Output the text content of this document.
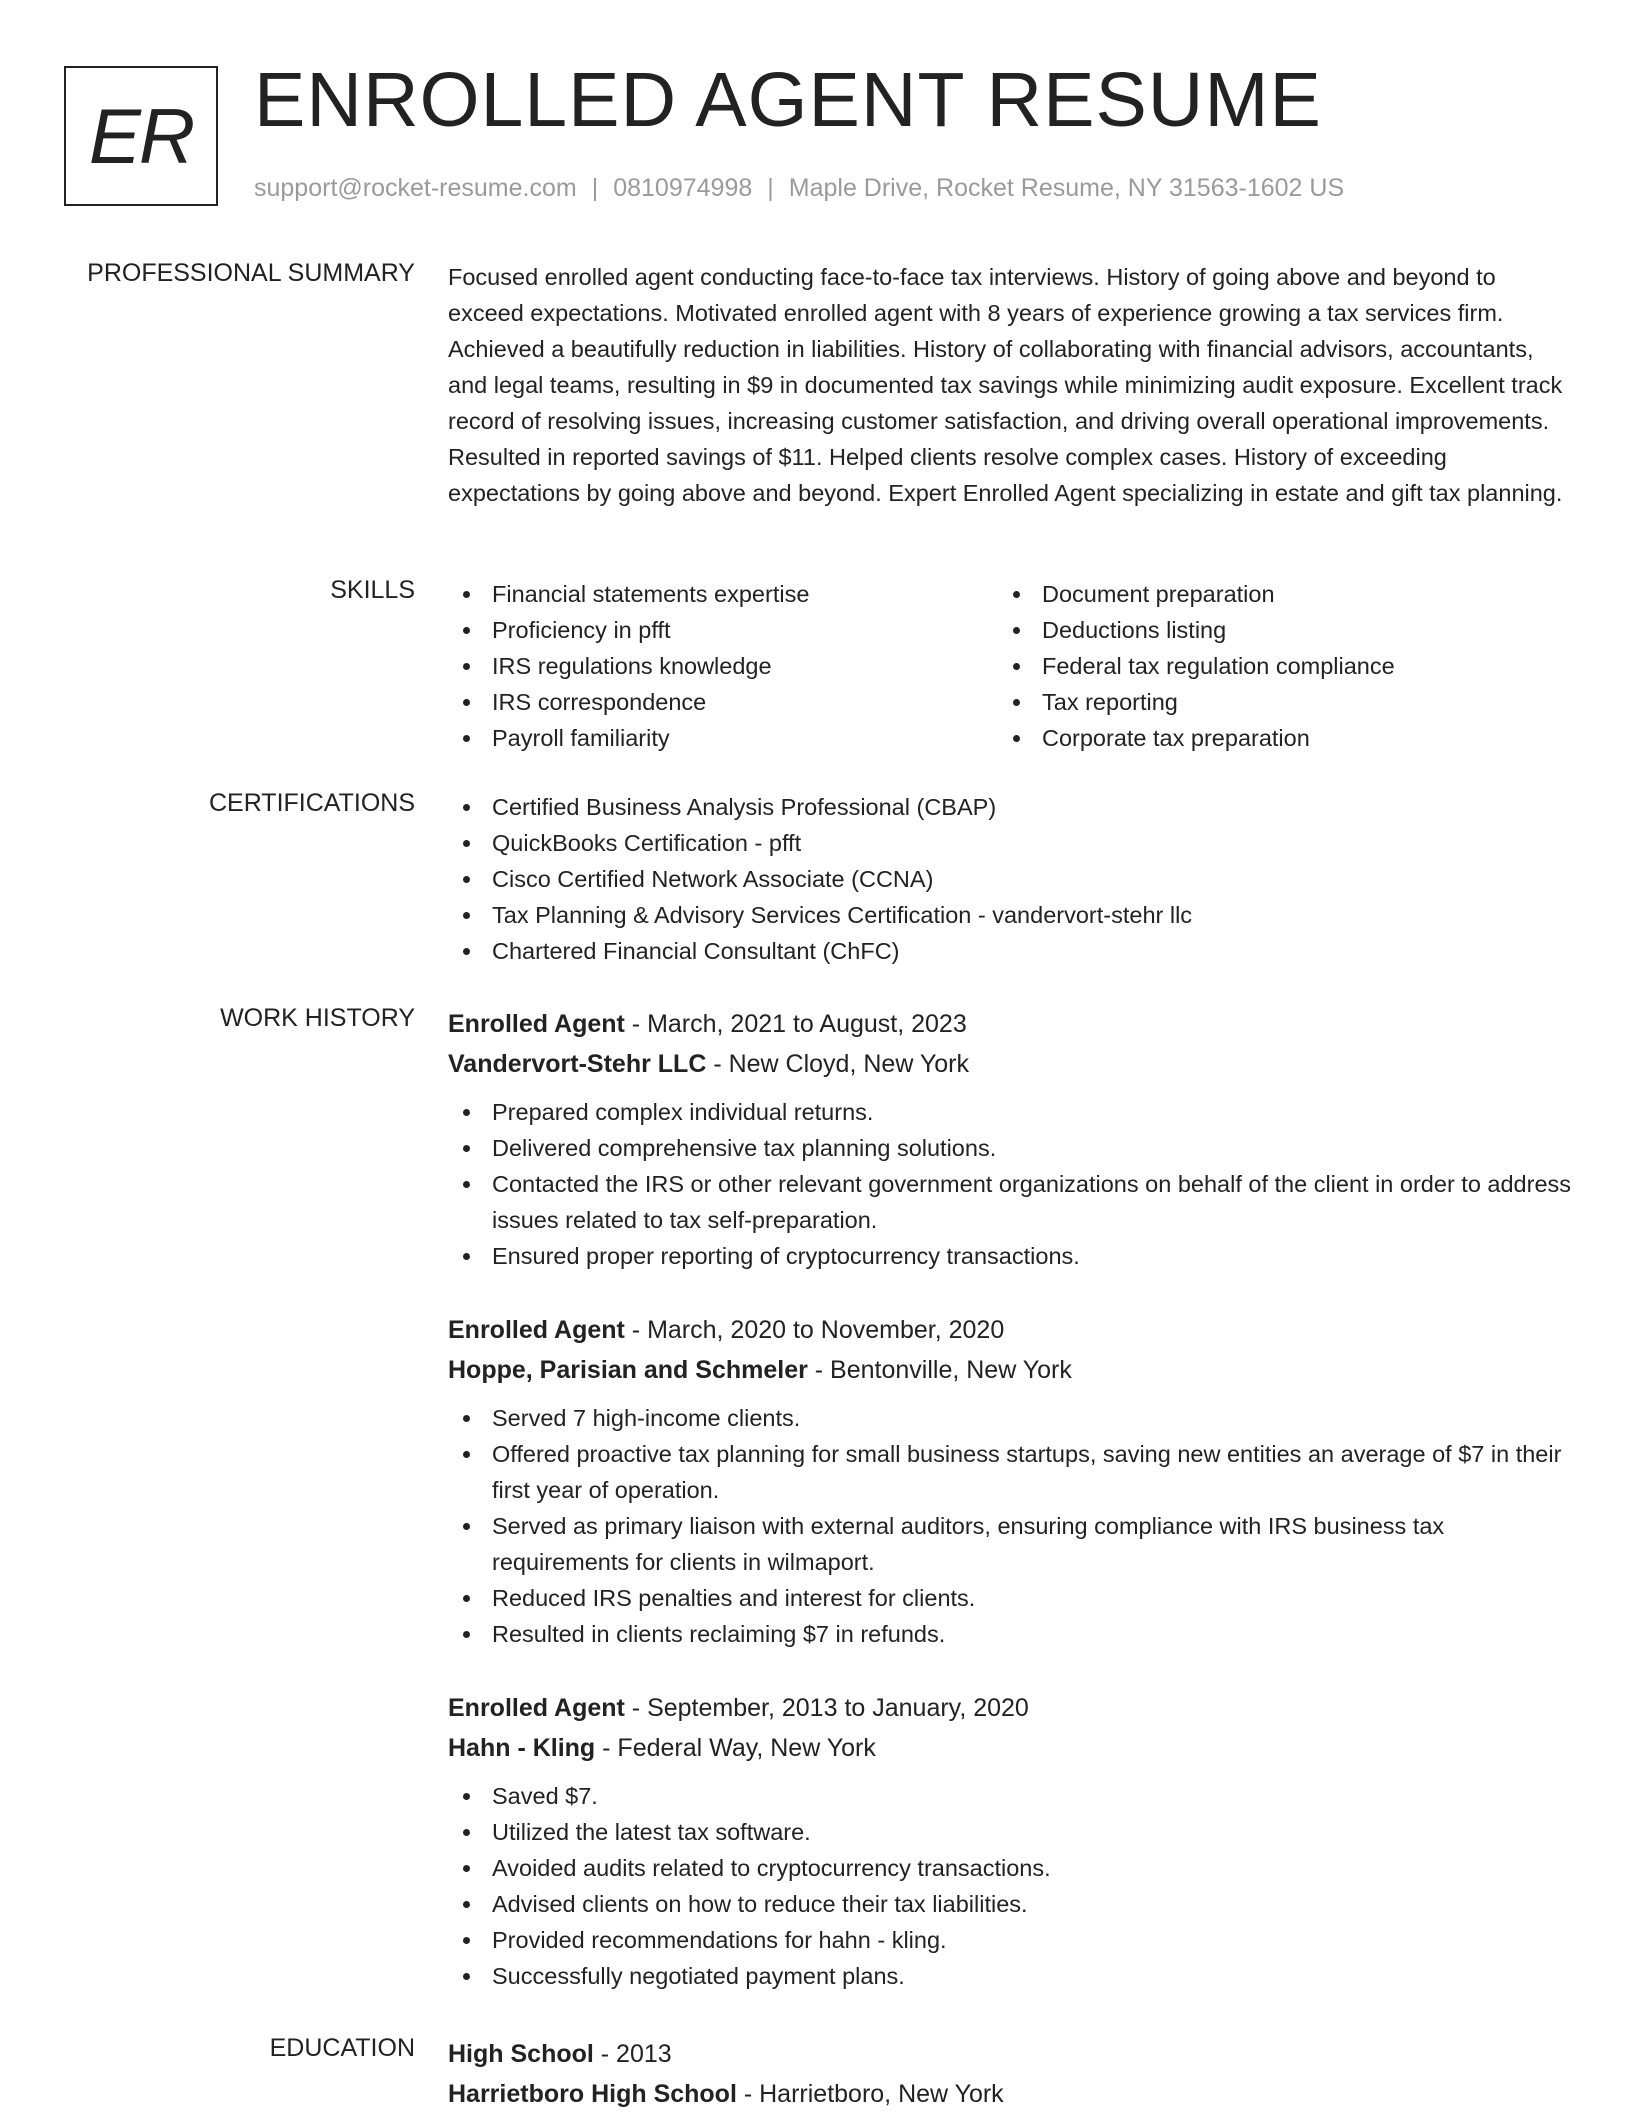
ER ENROLLED AGENT RESUME
support@rocket-resume.com | 0810974998 | Maple Drive, Rocket Resume, NY 31563-1602 US
PROFESSIONAL SUMMARY Focused enrolled agent conducting face-to-face tax interviews. History of going above and beyond to exceed expectations. Motivated enrolled agent with 8 years of experience growing a tax services firm. Achieved a beautifully reduction in liabilities. History of collaborating with financial advisors, accountants, and legal teams, resulting in $9 in documented tax savings while minimizing audit exposure. Excellent track record of resolving issues, increasing customer satisfaction, and driving overall operational improvements. Resulted in reported savings of $11. Helped clients resolve complex cases. History of exceeding expectations by going above and beyond. Expert Enrolled Agent specializing in estate and gift tax planning.

SKILLS	Financial statements expertise
Proficiency in pfft
IRS regulations knowledge
IRS correspondence
Payroll familiarity
Document preparation
Deductions listing
Federal tax regulation compliance
Tax reporting
Corporate tax preparation
CERTIFICATIONS	Certified Business Analysis Professional (CBAP)
QuickBooks Certification - pfft
Cisco Certified Network Associate (CCNA)
Tax Planning & Advisory Services Certification - vandervort-stehr llc
Chartered Financial Consultant (ChFC)
WORK HISTORY Enrolled Agent - March, 2021 to August, 2023
Vandervort-Stehr LLC - New Cloyd, New York
Prepared complex individual returns.
Delivered comprehensive tax planning solutions.
Contacted the IRS or other relevant government organizations on behalf of the client in order to address issues related to tax self-preparation.
Ensured proper reporting of cryptocurrency transactions.
Enrolled Agent - March, 2020 to November, 2020
Hoppe, Parisian and Schmeler - Bentonville, New York
Served 7 high-income clients.
Offered proactive tax planning for small business startups, saving new entities an average of $7 in their first year of operation.
Served as primary liaison with external auditors, ensuring compliance with IRS business tax requirements for clients in wilmaport.
Reduced IRS penalties and interest for clients.
Resulted in clients reclaiming $7 in refunds.
Enrolled Agent - September, 2013 to January, 2020
Hahn - Kling - Federal Way, New York
Saved $7.
Utilized the latest tax software.
Avoided audits related to cryptocurrency transactions.
Advised clients on how to reduce their tax liabilities.
Provided recommendations for hahn - kling.
Successfully negotiated payment plans.
EDUCATION High School - 2013
Harrietboro High School - Harrietboro, New York
